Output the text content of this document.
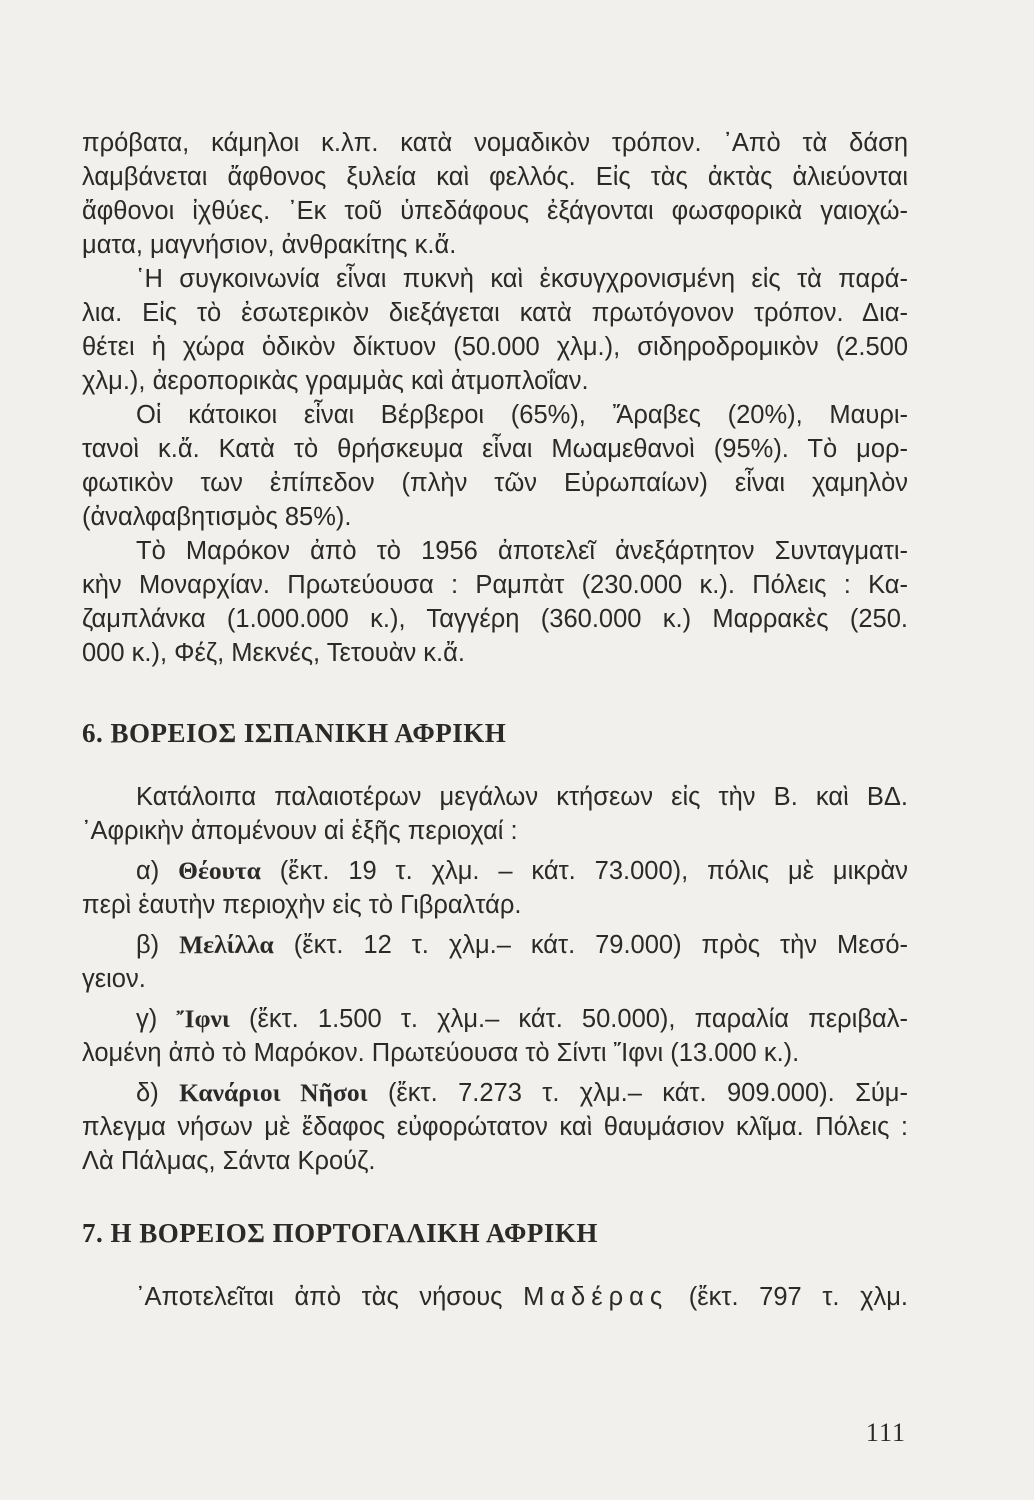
πρόβατα, κάμηλοι κ.λπ. κατὰ νομαδικὸν τρόπον. ᾽Απὸ τὰ δάση
λαμβάνεται ἄφθονος ξυλεία καὶ φελλός. Εἰς τὰς ἀκτὰς ἁλιεύονται
ἄφθονοι ἰχθύες. ᾽Εκ τοῦ ὑπεδάφους ἐξάγονται φωσφορικὰ γαιοχώ-
ματα, μαγνήσιον, ἀνθρακίτης κ.ἄ.
῾Η συγκοινωνία εἶναι πυκνὴ καὶ ἐκσυγχρονισμένη εἰς τὰ παρά-
λια. Εἰς τὸ ἐσωτερικὸν διεξάγεται κατὰ πρωτόγονον τρόπον. Δια-
θέτει ἡ χώρα ὁδικὸν δίκτυον (50.000 χλμ.), σιδηροδρομικὸν (2.500
χλμ.), ἀεροπορικὰς γραμμὰς καὶ ἀτμοπλοΐαν.
Οἱ κάτοικοι εἶναι Βέρβεροι (65%), Ἄραβες (20%), Μαυρι-
τανοὶ κ.ἄ. Κατὰ τὸ θρήσκευμα εἶναι Μωαμεθανοὶ (95%). Τὸ μορ-
φωτικὸν των ἐπίπεδον (πλὴν τῶν Εὐρωπαίων) εἶναι χαμηλὸν
(ἀναλφαβητισμὸς 85%).
Τὸ Μαρόκον ἀπὸ τὸ 1956 ἀποτελεῖ ἀνεξάρτητον Συνταγματι-
κὴν Μοναρχίαν. Πρωτεύουσα : Ραμπὰτ (230.000 κ.). Πόλεις : Κα-
ζαμπλάνκα (1.000.000 κ.), Ταγγέρη (360.000 κ.) Μαρρακὲς (250.
000 κ.), Φέζ, Μεκνές, Τετουὰν κ.ἄ.
6. ΒΟΡΕΙΟΣ ΙΣΠΑΝΙΚΗ ΑΦΡΙΚΗ
Κατάλοιπα παλαιοτέρων μεγάλων κτήσεων εἰς τὴν Β. καὶ ΒΔ.
᾽Αφρικὴν ἀπομένουν αἱ ἑξῆς περιοχαί :
α) Θέουτα (ἔκτ. 19 τ. χλμ. – κάτ. 73.000), πόλις μὲ μικρὰν
περὶ ἑαυτὴν περιοχὴν εἰς τὸ Γιβραλτάρ.
β) Μελίλλα (ἔκτ. 12 τ. χλμ.– κάτ. 79.000) πρὸς τὴν Μεσό-
γειον.
γ) Ἴφνι (ἔκτ. 1.500 τ. χλμ.– κάτ. 50.000), παραλία περιβαλ-
λομένη ἀπὸ τὸ Μαρόκον. Πρωτεύουσα τὸ Σίντι Ἴφνι (13.000 κ.).
δ) Κανάριοι Νῆσοι (ἔκτ. 7.273 τ. χλμ.– κάτ. 909.000). Σύμ-
πλεγμα νήσων μὲ ἔδαφος εὐφορώτατον καὶ θαυμάσιον κλῖμα. Πόλεις :
Λὰ Πάλμας, Σάντα Κρούζ.
7. Η ΒΟΡΕΙΟΣ ΠΟΡΤΟΓΑΛΙΚΗ ΑΦΡΙΚΗ
᾽Αποτελεῖται ἀπὸ τὰς νήσους Μαδέρας (ἔκτ. 797 τ. χλμ.
111
